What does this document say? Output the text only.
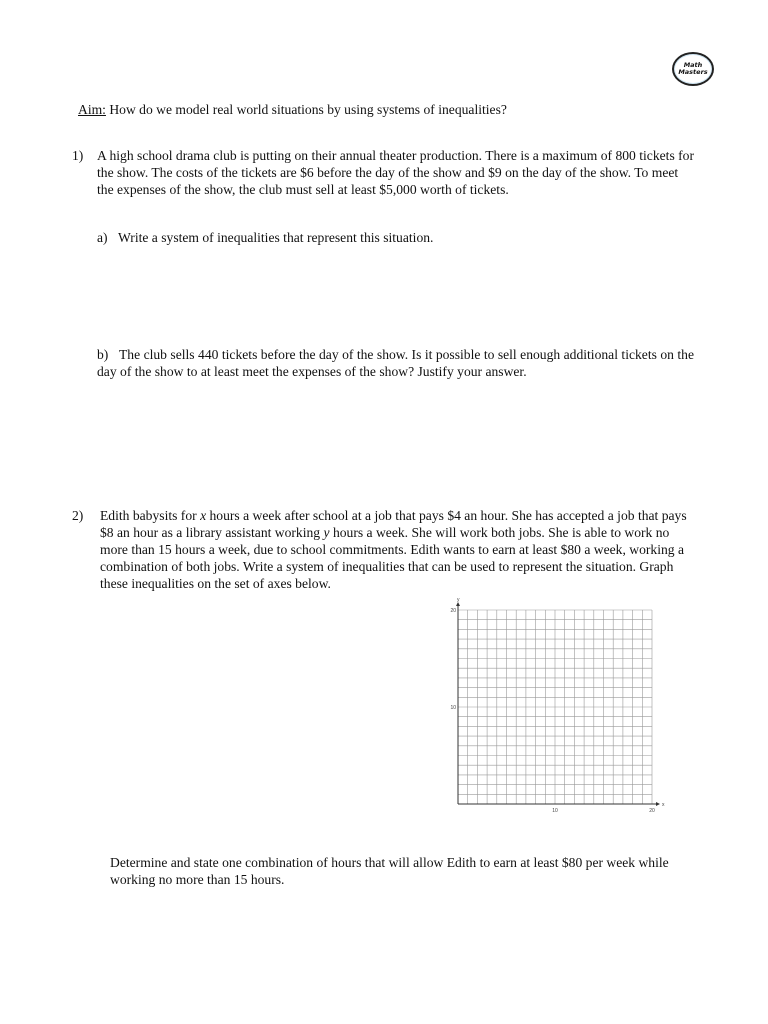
Math
Masters
Aim: How do we model real world situations by using systems of inequalities?
1) A high school drama club is putting on their annual theater production. There is a maximum of 800 tickets for the show. The costs of the tickets are $6 before the day of the show and $9 on the day of the show. To meet the expenses of the show, the club must sell at least $5,000 worth of tickets.
a) Write a system of inequalities that represent this situation.
b) The club sells 440 tickets before the day of the show. Is it possible to sell enough additional tickets on the day of the show to at least meet the expenses of the show? Justify your answer.
2) Edith babysits for x hours a week after school at a job that pays $4 an hour. She has accepted a job that pays $8 an hour as a library assistant working y hours a week. She will work both jobs. She is able to work no more than 15 hours a week, due to school commitments. Edith wants to earn at least $80 a week, working a combination of both jobs. Write a system of inequalities that can be used to represent the situation. Graph these inequalities on the set of axes below.
y
x
10	20
10
20
Determine and state one combination of hours that will allow Edith to earn at least $80 per week while working no more than 15 hours.
